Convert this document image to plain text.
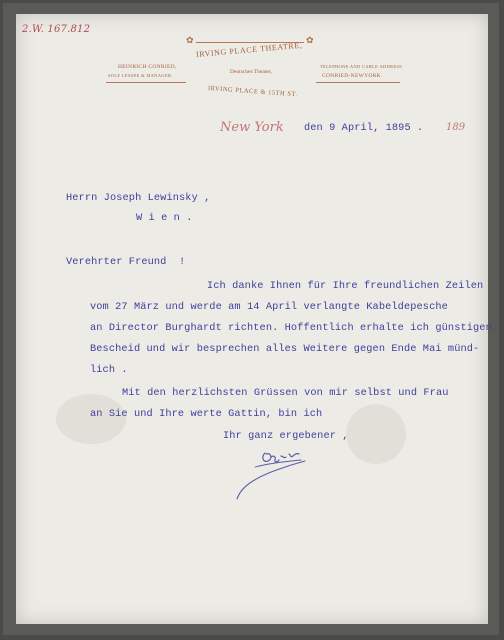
2.W. 167.812
HEINRICH CONRIED,
SOLE LESSEE & MANAGER.
✿	✿
IRVING PLACE THEATRE,
Deutsches Theater,
IRVING PLACE & 15TH ST.
TELEPHONE AND CABLE ADDRESS
CONRIED-NEWYORK.
New York den 9 April, 1895 . 189
Herrn Joseph Lewinsky ,
W i e n .
Verehrter Freund  !
Ich danke Ihnen für Ihre freundlichen Zeilen
vom 27 März und werde am 14 April verlangte Kabeldepesche
an Director Burghardt richten. Hoffentlich erhalte ich günstigen
Bescheid und wir besprechen alles Weitere gegen Ende Mai münd-
lich .
Mit den herzlichsten Grüssen von mir selbst und Frau
an Sie und Ihre werte Gattin, bin ich
Ihr ganz ergebener ,
